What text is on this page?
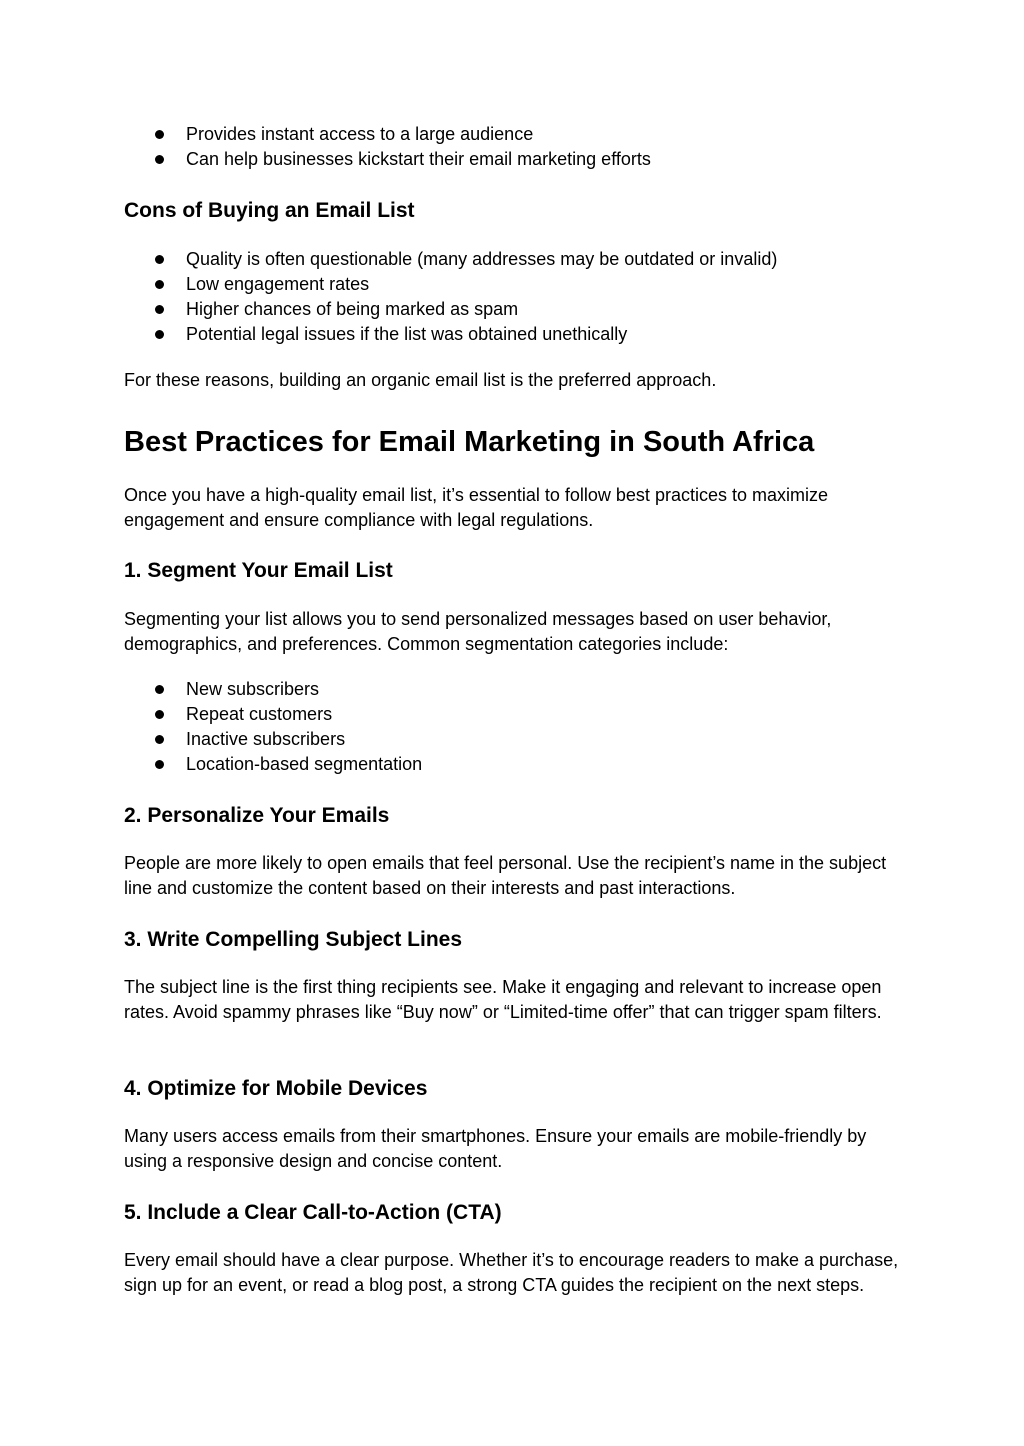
Provides instant access to a large audience
Can help businesses kickstart their email marketing efforts
Cons of Buying an Email List
Quality is often questionable (many addresses may be outdated or invalid)
Low engagement rates
Higher chances of being marked as spam
Potential legal issues if the list was obtained unethically

For these reasons, building an organic email list is the preferred approach.

Best Practices for Email Marketing in South Africa

Once you have a high-quality email list, it’s essential to follow best practices to maximize engagement and ensure compliance with legal regulations.

1. Segment Your Email List

Segmenting your list allows you to send personalized messages based on user behavior, demographics, and preferences. Common segmentation categories include:

New subscribers
Repeat customers
Inactive subscribers
Location-based segmentation
2. Personalize Your Emails

People are more likely to open emails that feel personal. Use the recipient’s name in the subject line and customize the content based on their interests and past interactions.

3. Write Compelling Subject Lines

The subject line is the first thing recipients see. Make it engaging and relevant to increase open rates. Avoid spammy phrases like “Buy now” or “Limited-time offer” that can trigger spam filters.

4. Optimize for Mobile Devices

Many users access emails from their smartphones. Ensure your emails are mobile-friendly by using a responsive design and concise content.

5. Include a Clear Call-to-Action (CTA)

Every email should have a clear purpose. Whether it’s to encourage readers to make a purchase, sign up for an event, or read a blog post, a strong CTA guides the recipient on the next steps.
